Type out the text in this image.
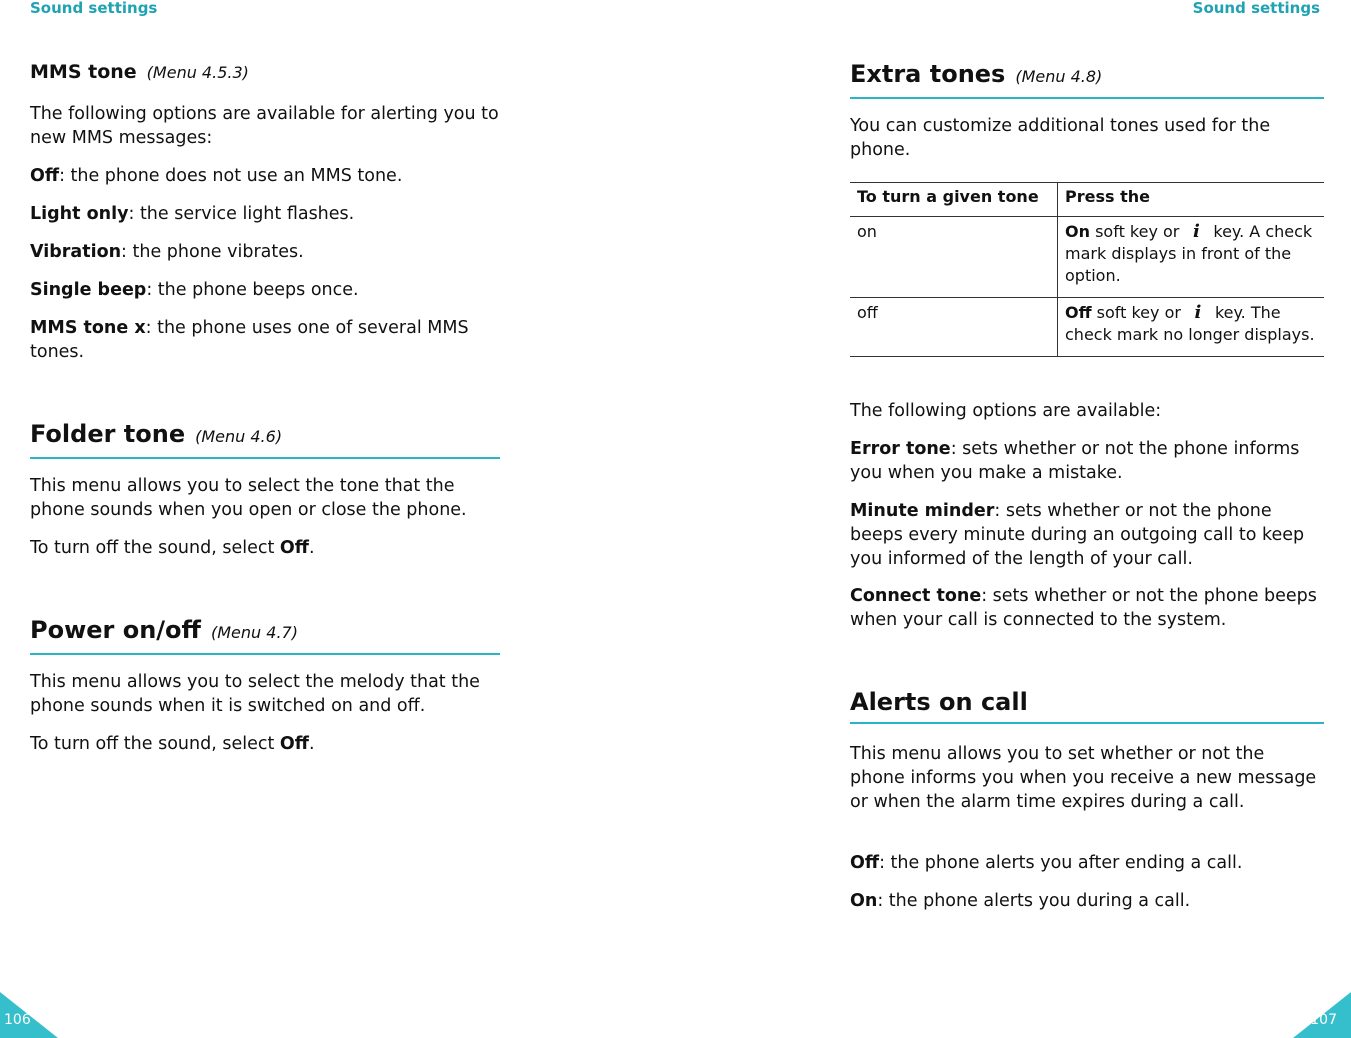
Sound settings	Sound settings
MMS tone (Menu 4.5.3)

The following options are available for alerting you to new MMS messages:

Off: the phone does not use an MMS tone.

Light only: the service light flashes.

Vibration: the phone vibrates.

Single beep: the phone beeps once.

MMS tone x: the phone uses one of several MMS tones.

Folder tone (Menu 4.6)

This menu allows you to select the tone that the phone sounds when you open or close the phone.

To turn off the sound, select Off.

Power on/off (Menu 4.7)

This menu allows you to select the melody that the phone sounds when it is switched on and off.

To turn off the sound, select Off.

Extra tones (Menu 4.8)

You can customize additional tones used for the phone.

To turn a given tone	Press the
on	On soft key or i key. A check mark displays in front of the option.
off	Off soft key or i key. The check mark no longer displays.

The following options are available:

Error tone: sets whether or not the phone informs you when you make a mistake.

Minute minder: sets whether or not the phone beeps every minute during an outgoing call to keep you informed of the length of your call.

Connect tone: sets whether or not the phone beeps when your call is connected to the system.

Alerts on call

This menu allows you to set whether or not the phone informs you when you receive a new message or when the alarm time expires during a call.

Off: the phone alerts you after ending a call.

On: the phone alerts you during a call.

106	107
